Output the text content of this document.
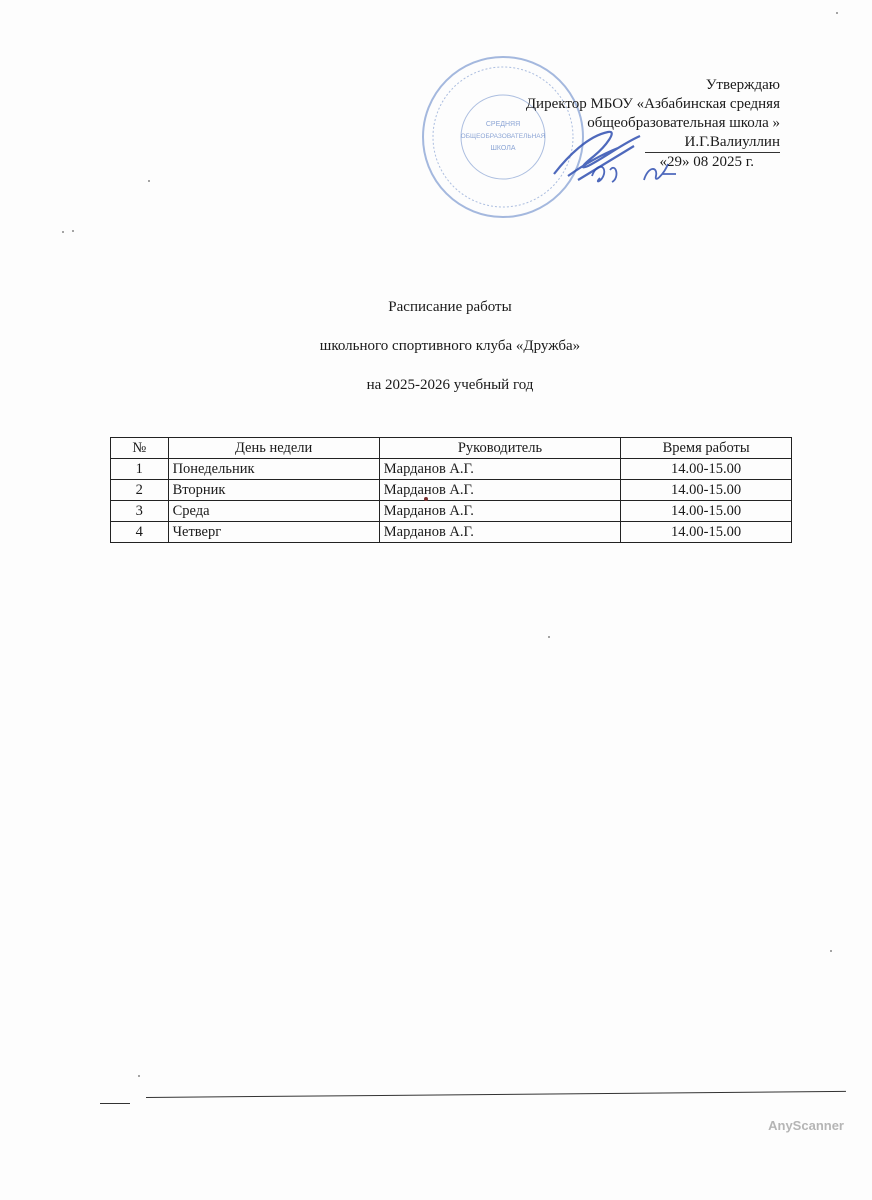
СРЕДНЯЯ
ОБЩЕОБРАЗОВАТЕЛЬНАЯ
ШКОЛА
Утверждаю
Директор МБОУ «Азбабинская средняя
общеобразовательная школа »
И.Г.Валиуллин
«29» 08 2025 г.
Расписание работы
школьного спортивного клуба «Дружба»
на 2025-2026 учебный год
№	День недели	Руководитель	Время работы
1	Понедельник	Марданов А.Г.	14.00-15.00
2	Вторник	Марданов А.Г.	14.00-15.00
3	Среда	Марданов А.Г.	14.00-15.00
4	Четверг	Марданов А.Г.	14.00-15.00
AnyScanner
